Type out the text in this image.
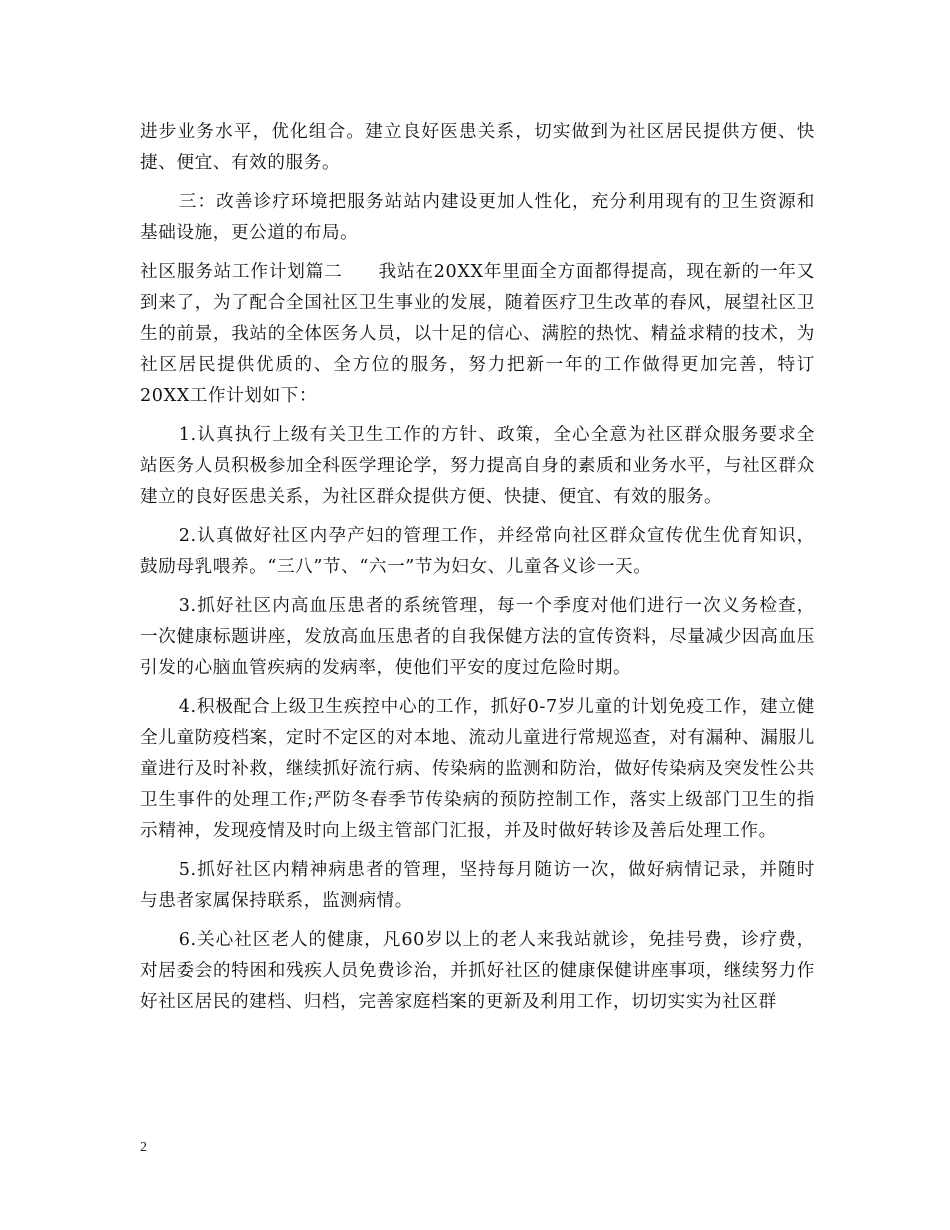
进步业务水平，优化组合。建立良好医患关系，切实做到为社区居民提供方便、快捷、便宜、有效的服务。

三：改善诊疗环境把服务站站内建设更加人性化，充分利用现有的卫生资源和基础设施，更公道的布局。

社区服务站工作计划篇二 我站在20XX年里面全方面都得提高，现在新的一年又到来了，为了配合全国社区卫生事业的发展，随着医疗卫生改革的春风，展望社区卫生的前景，我站的全体医务人员，以十足的信心、满腔的热忱、精益求精的技术，为社区居民提供优质的、全方位的服务，努力把新一年的工作做得更加完善，特订20XX工作计划如下：

1.认真执行上级有关卫生工作的方针、政策，全心全意为社区群众服务要求全站医务人员积极参加全科医学理论学，努力提高自身的素质和业务水平，与社区群众建立的良好医患关系，为社区群众提供方便、快捷、便宜、有效的服务。

2.认真做好社区内孕产妇的管理工作，并经常向社区群众宣传优生优育知识，鼓励母乳喂养。“三八”节、“六一”节为妇女、儿童各义诊一天。

3.抓好社区内高血压患者的系统管理，每一个季度对他们进行一次义务检查，一次健康标题讲座，发放高血压患者的自我保健方法的宣传资料，尽量减少因高血压引发的心脑血管疾病的发病率，使他们平安的度过危险时期。

4.积极配合上级卫生疾控中心的工作，抓好0-7岁儿童的计划免疫工作，建立健全儿童防疫档案，定时不定区的对本地、流动儿童进行常规巡查，对有漏种、漏服儿童进行及时补救，继续抓好流行病、传染病的监测和防治，做好传染病及突发性公共卫生事件的处理工作;严防冬春季节传染病的预防控制工作，落实上级部门卫生的指示精神，发现疫情及时向上级主管部门汇报，并及时做好转诊及善后处理工作。

5.抓好社区内精神病患者的管理，坚持每月随访一次，做好病情记录，并随时与患者家属保持联系，监测病情。

6.关心社区老人的健康，凡60岁以上的老人来我站就诊，免挂号费，诊疗费，对居委会的特困和残疾人员免费诊治，并抓好社区的健康保健讲座事项，继续努力作好社区居民的建档、归档，完善家庭档案的更新及利用工作，切切实实为社区群

2
